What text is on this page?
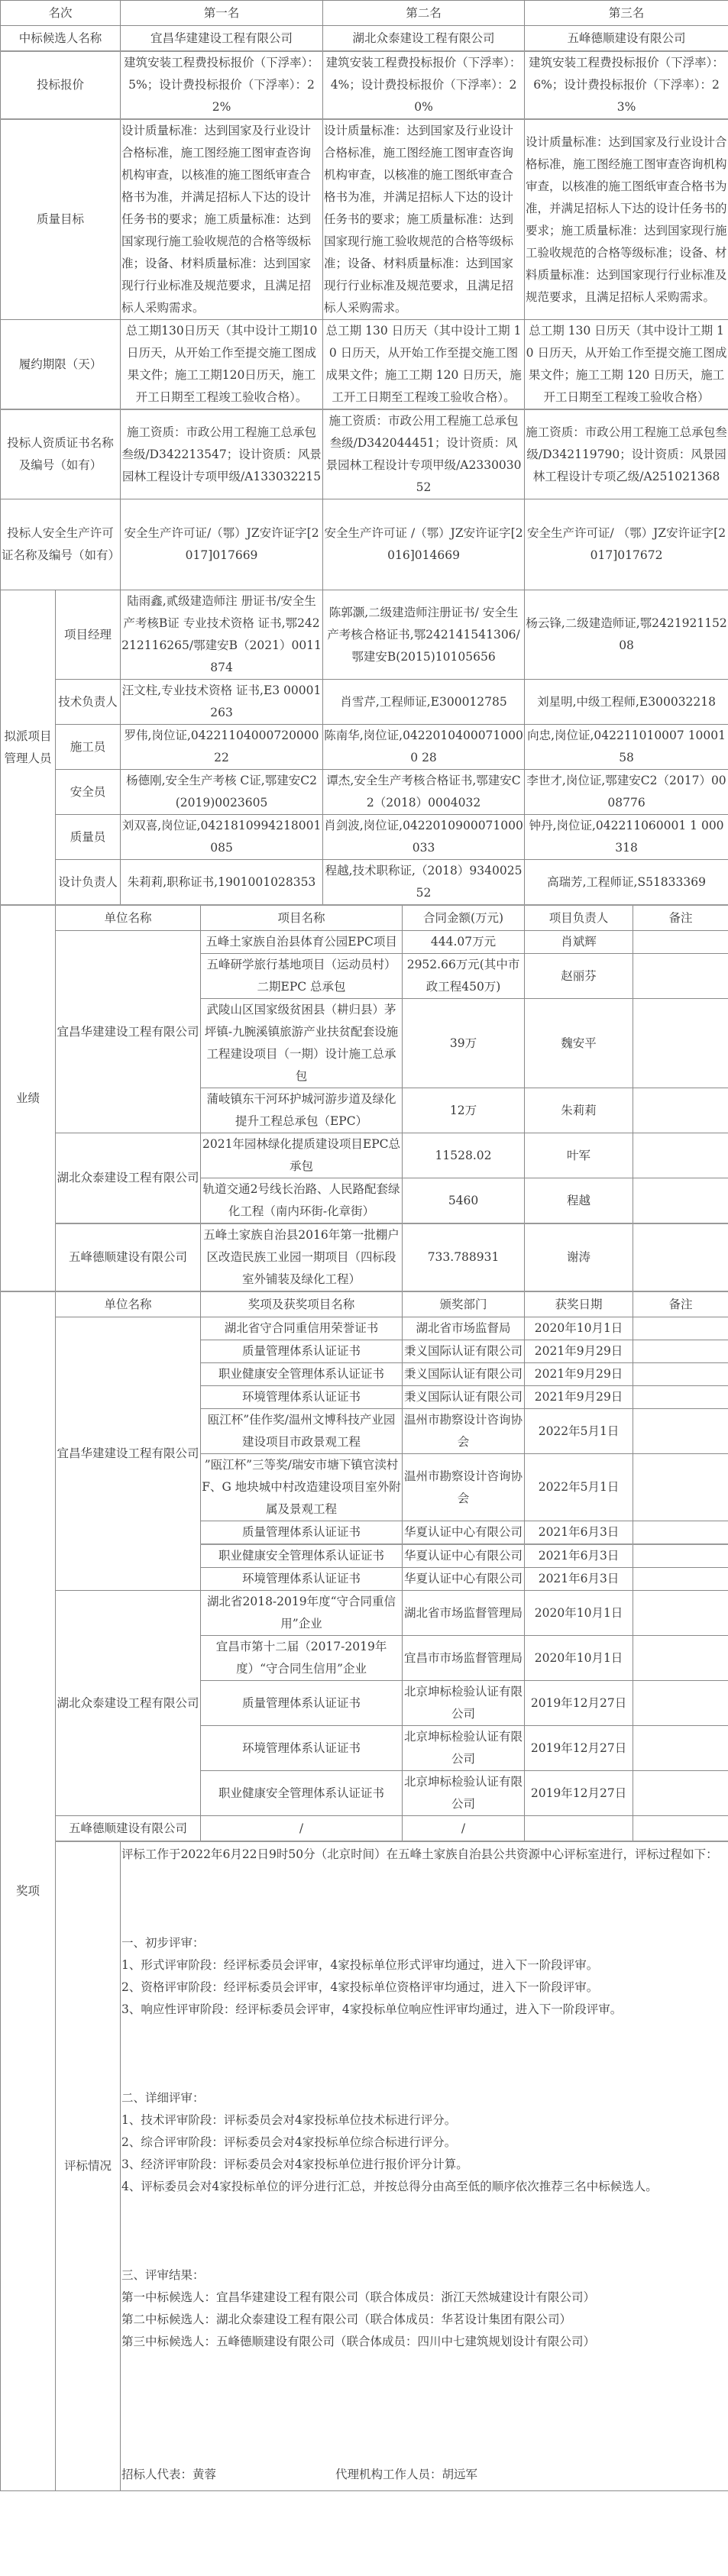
名次		第一名		第二名		第三名	
中标候选人名称		宜昌华建建设工程有限公司		湖北众泰建设工程有限公司		五峰德顺建设有限公司	
投标报价		建筑安装工程费投标报价（下浮率）：5%；设计费投标报价（下浮率）：22%		建筑安装工程费投标报价（下浮率）：4%；设计费投标报价（下浮率）：20%		建筑安装工程费投标报价（下浮率）：6%；设计费投标报价（下浮率）：23%	
质量目标		设计质量标准：达到国家及行业设计合格标准，施工图经施工图审查咨询机构审查，以核准的施工图纸审查合格书为准，并满足招标人下达的设计任务书的要求；施工质量标准：达到国家现行施工验收规范的合格等级标准；设备、材料质量标准：达到国家现行行业标准及规范要求，且满足招标人采购需求。		设计质量标准：达到国家及行业设计合格标准，施工图经施工图审查咨询机构审查，以核准的施工图纸审查合格书为准，并满足招标人下达的设计任务书的要求；施工质量标准：达到国家现行施工验收规范的合格等级标准；设备、材料质量标准：达到国家现行行业标准及规范要求，且满足招标人采购需求。		设计质量标准：达到国家及行业设计合格标准，施工图经施工图审查咨询机构审查，以核准的施工图纸审查合格书为准，并满足招标人下达的设计任务书的要求；施工质量标准：达到国家现行施工验收规范的合格等级标准；设备、材料质量标准：达到国家现行行业标准及规范要求，且满足招标人采购需求。	
履约期限（天）		总工期130日历天（其中设计工期10日历天，从开始工作至提交施工图成果文件；施工工期120日历天，施工开工日期至工程竣工验收合格）。		总工期 130 日历天（其中设计工期 10 日历天，从开始工作至提交施工图成果文件；施工工期 120 日历天，施工开工日期至工程竣工验收合格）。		总工期 130 日历天（其中设计工期 10 日历天，从开始工作至提交施工图成果文件；施工工期 120 日历天，施工开工日期至工程竣工验收合格）	
投标人资质证书名称及编号（如有）		施工资质：市政公用工程施工总承包叁级/D342213547；设计资质：风景园林工程设计专项甲级/A133032215		施工资质：市政公用工程施工总承包叁级/D342044451；设计资质：风景园林工程设计专项甲级/A233003052		施工资质：市政公用工程施工总承包叁级/D342119790；设计资质：风景园林工程设计专项乙级/A251021368	
投标人安全生产许可证名称及编号（如有）		安全生产许可证/（鄂）JZ安许证字[2017]017669		安全生产许可证 /（鄂）JZ安许证字[2016]014669		安全生产许可证/ （鄂）JZ安许证字[2017]017672	
拟派项目管理人员	项目经理	陆雨鑫,贰级建造师注 册证书/安全生产考核B证 专业技术资格 证书,鄂242212116265/鄂建安B（2021）0011874		陈郭灏,二级建造师注册证书/ 安全生产考核合格证书,鄂242141541306/鄂建安B(2015)10105656		杨云锋,二级建造师证,鄂242192115208	
	技术负责人	汪文柱,专业技术资格 证书,E3 00001263		肖雪芹,工程师证,E300012785		刘星明,中级工程师,E300032218	
	施工员	罗伟,岗位证,04221104000720000 22		陈南华,岗位证,04220104000710000 28		向忠,岗位证,042211010007 1000158	
	安全员	杨德刚,安全生产考核 C证,鄂建安C2(2019)0023605		谭杰,安全生产考核合格证书,鄂建安C2（2018）0004032		李世才,岗位证,鄂建安C2（2017）0008776	
	质量员	刘双喜,岗位证,0421810994218001085		肖剑波,岗位证,0422010900071000033		钟丹,岗位证,042211060001 1 000318	
	设计负责人	朱莉莉,职称证书,1901001028353		程越,技术职称证,（2018）934002552		高瑞芳,工程师证,S51833369	
业绩	单位名称		项目名称		合同金额(万元)	项目负责人	备注
	宜昌华建建设工程有限公司		五峰土家族自治县体育公园EPC项目		444.07万元	肖斌辉	
			五峰研学旅行基地项目（运动员村）二期EPC 总承包		2952.66万元(其中市政工程450万)	赵丽芬	
			武陵山区国家级贫困县（耕归县）茅坪镇-九腕溪镇旅游产业扶贫配套设施工程建设项目（一期）设计施工总承包		39万	魏安平	
			蒲岐镇东干河环护城河游步道及绿化提升工程总承包（EPC）		12万	朱莉莉	
	湖北众泰建设工程有限公司		2021年园林绿化提质建设项目EPC总承包		11528.02	叶军	
			轨道交通2号线长治路、人民路配套绿化工程（南内环街-化章街）		5460	程越	
	五峰德顺建设有限公司		五峰土家族自治县2016年第一批棚户区改造民族工业园一期项目（四标段室外铺装及绿化工程）		733.788931	谢涛	
奖项	单位名称		奖项及获奖项目名称		颁奖部门	获奖日期	备注
	宜昌华建建设工程有限公司		湖北省守合同重信用荣誉证书		湖北省市场监督局	2020年10月1日	
			质量管理体系认证证书		秉义国际认证有限公司	2021年9月29日	
			职业健康安全管理体系认证证书		秉义国际认证有限公司	2021年9月29日	
			环境管理体系认证证书		秉义国际认证有限公司	2021年9月29日	
			瓯江杯”佳作奖/温州文博科技产业园建设项目市政景观工程		温州市勘察设计咨询协会	2022年5月1日	
			”瓯江杯”三等奖/瑞安市塘下镇官渎村F、G 地块城中村改造建设项目室外附属及景观工程		温州市勘察设计咨询协会	2022年5月1日	
			质量管理体系认证证书		华夏认证中心有限公司	2021年6月3日	
			职业健康安全管理体系认证证书		华夏认证中心有限公司	2021年6月3日	
			环境管理体系认证证书		华夏认证中心有限公司	2021年6月3日	
	湖北众泰建设工程有限公司		湖北省2018-2019年度“守合同重信用”企业		湖北省市场监督管理局	2020年10月1日	
			宜昌市第十二届（2017-2019年度）“守合同生信用”企业		宜昌市市场监督管理局	2020年10月1日	
			质量管理体系认证证书		北京坤标检验认证有限公司	2019年12月27日	
			环境管理体系认证证书		北京坤标检验认证有限公司	2019年12月27日	
			职业健康安全管理体系认证证书		北京坤标检验认证有限公司	2019年12月27日	
	五峰德顺建设有限公司		/		/		
评标情况	

评标工作于2022年6月22日9时50分（北京时间）在五峰土家族自治县公共资源中心评标室进行，评标过程如下：

一、初步评审：

1、形式评审阶段：经评标委员会评审，4家投标单位形式评审均通过，进入下一阶段评审。

2、资格评审阶段：经评标委员会评审，4家投标单位资格评审均通过，进入下一阶段评审。

3、响应性评审阶段：经评标委员会评审，4家投标单位响应性评审均通过，进入下一阶段评审。

二、详细评审：

1、技术评审阶段：评标委员会对4家投标单位技术标进行评分。

2、综合评审阶段：评标委员会对4家投标单位综合标进行评分。

3、经济评审阶段：评标委员会对4家投标单位进行报价评分计算。

4、评标委员会对4家投标单位的评分进行汇总，并按总得分由高至低的顺序依次推荐三名中标候选人。

三、评审结果：

第一中标候选人：宜昌华建建设工程有限公司（联合体成员：浙江天然城建设计有限公司）

第二中标候选人：湖北众泰建设工程有限公司（联合体成员：华茗设计集团有限公司）

第三中标候选人：五峰德顺建设有限公司（联合体成员：四川中七建筑规划设计有限公司）

招标人代表：黄蓉	代理机构工作人员：胡远军
